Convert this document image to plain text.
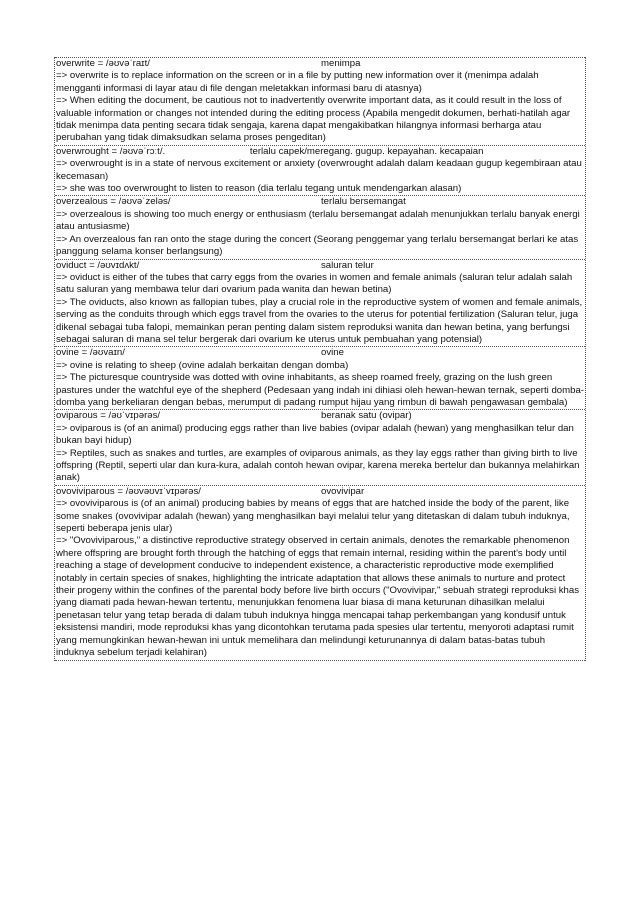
overwrite = /əʊvəˈraɪt/	menimpa

=> overwrite is to replace information on the screen or in a file by putting new information over it (menimpa adalah mengganti informasi di layar atau di file dengan meletakkan informasi baru di atasnya)

=> When editing the document, be cautious not to inadvertently overwrite important data, as it could result in the loss of valuable information or changes not intended during the editing process (Apabila mengedit dokumen, berhati-hatilah agar tidak menimpa data penting secara tidak sengaja, karena dapat mengakibatkan hilangnya informasi berharga atau perubahan yang tidak dimaksudkan selama proses pengeditan)

overwrought = /əʊvəˈrɔːt/.	terlalu capek/meregang. gugup. kepayahan. kecapaian

=> overwrought is in a state of nervous excitement or anxiety (overwrought adalah dalam keadaan gugup kegembiraan atau kecemasan)

=> she was too overwrought to listen to reason (dia terlalu tegang untuk mendengarkan alasan)

overzealous = /əʊvəˈzeləs/	terlalu bersemangat

=> overzealous is showing too much energy or enthusiasm (terlalu bersemangat adalah menunjukkan terlalu banyak energi atau antusiasme)

=> An overzealous fan ran onto the stage during the concert (Seorang penggemar yang terlalu bersemangat berlari ke atas panggung selama konser berlangsung)

oviduct = /əʊvɪdʌkt/	saluran telur

=> oviduct is either of the tubes that carry eggs from the ovaries in women and female animals (saluran telur adalah salah satu saluran yang membawa telur dari ovarium pada wanita dan hewan betina)

=> The oviducts, also known as fallopian tubes, play a crucial role in the reproductive system of women and female animals, serving as the conduits through which eggs travel from the ovaries to the uterus for potential fertilization (Saluran telur, juga dikenal sebagai tuba falopi, memainkan peran penting dalam sistem reproduksi wanita dan hewan betina, yang berfungsi sebagai saluran di mana sel telur bergerak dari ovarium ke uterus untuk pembuahan yang potensial)

ovine = /əʊvaɪn/	ovine

=> ovine is relating to sheep (ovine adalah berkaitan dengan domba)

=> The picturesque countryside was dotted with ovine inhabitants, as sheep roamed freely, grazing on the lush green pastures under the watchful eye of the shepherd (Pedesaan yang indah ini dihiasi oleh hewan-hewan ternak, seperti domba-domba yang berkeliaran dengan bebas, merumput di padang rumput hijau yang rimbun di bawah pengawasan gembala)

oviparous = /əʊˈvɪpərəs/	beranak satu (ovipar)

=> oviparous is (of an animal) producing eggs rather than live babies (ovipar adalah (hewan) yang menghasilkan telur dan bukan bayi hidup)

=> Reptiles, such as snakes and turtles, are examples of oviparous animals, as they lay eggs rather than giving birth to live offspring (Reptil, seperti ular dan kura-kura, adalah contoh hewan ovipar, karena mereka bertelur dan bukannya melahirkan anak)

ovoviviparous = /əʊvəʊvɪˈvɪpərəs/	ovovivipar

=> ovoviviparous is (of an animal) producing babies by means of eggs that are hatched inside the body of the parent, like some snakes (ovovivipar adalah (hewan) yang menghasilkan bayi melalui telur yang ditetaskan di dalam tubuh induknya, seperti beberapa jenis ular)

=> "Ovoviviparous," a distinctive reproductive strategy observed in certain animals, denotes the remarkable phenomenon where offspring are brought forth through the hatching of eggs that remain internal, residing within the parent's body until reaching a stage of development conducive to independent existence, a characteristic reproductive mode exemplified notably in certain species of snakes, highlighting the intricate adaptation that allows these animals to nurture and protect their progeny within the confines of the parental body before live birth occurs ("Ovovivipar," sebuah strategi reproduksi khas yang diamati pada hewan-hewan tertentu, menunjukkan fenomena luar biasa di mana keturunan dihasilkan melalui penetasan telur yang tetap berada di dalam tubuh induknya hingga mencapai tahap perkembangan yang kondusif untuk eksistensi mandiri, mode reproduksi khas yang dicontohkan terutama pada spesies ular tertentu, menyoroti adaptasi rumit yang memungkinkan hewan-hewan ini untuk memelihara dan melindungi keturunannya di dalam batas-batas tubuh induknya sebelum terjadi kelahiran)
